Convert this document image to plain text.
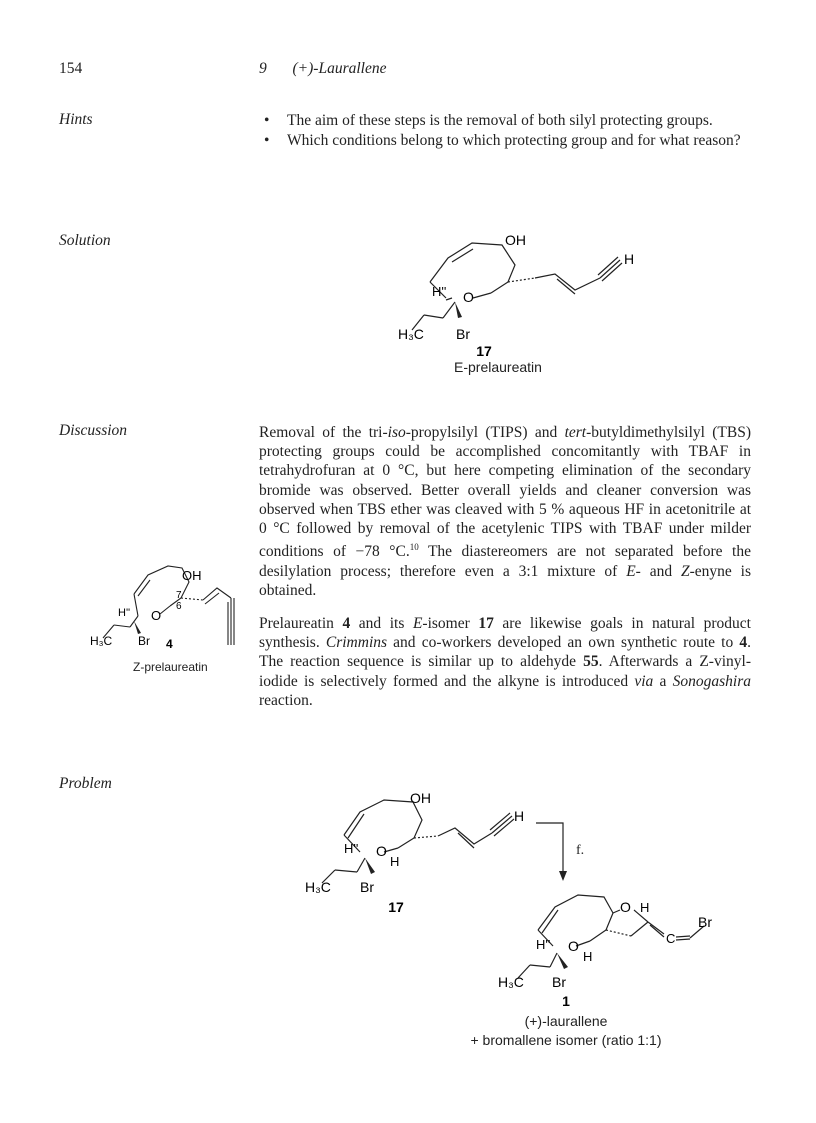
154	9 (+)-Laurallene
Hints
Solution
Discussion
Problem
• The aim of these steps is the removal of both silyl protecting groups.
• Which conditions belong to which protecting group and for what reason?
OH
H
H'' O
H₃C Br
17
E-prelaureatin

Removal of the tri-iso-propylsilyl (TIPS) and tert-butyldimethylsilyl (TBS) protecting groups could be accomplished concomitantly with TBAF in tetrahydrofuran at 0 °C, but here competing elimination of the secondary bromide was observed. Better overall yields and cleaner conversion was observed when TBS ether was cleaved with 5 % aqueous HF in acetonitrile at 0 °C followed by removal of the acetylenic TIPS with TBAF under milder conditions of −78 °C.$^{10}$ The diastereomers are not separated before the desilylation process; therefore even a 3:1 mixture of E- and Z-enyne is obtained.

Prelaureatin 4 and its E-isomer 17 are likewise goals in natural product synthesis. Crimmins and co-workers developed an own synthetic route to 4. The reaction sequence is similar up to aldehyde 55. Afterwards a Z-vinyl-iodide is selectively formed and the alkyne is introduced via a Sonogashira reaction.

OH
7
6
H'' O
H₃C Br 4
Z-prelaureatin
OH
H
H'' O
H
H₃C Br
17
f.
O H
H'' O
H
C
Br
H₃C Br
1
(+)-laurallene
+ bromallene isomer (ratio 1:1)
